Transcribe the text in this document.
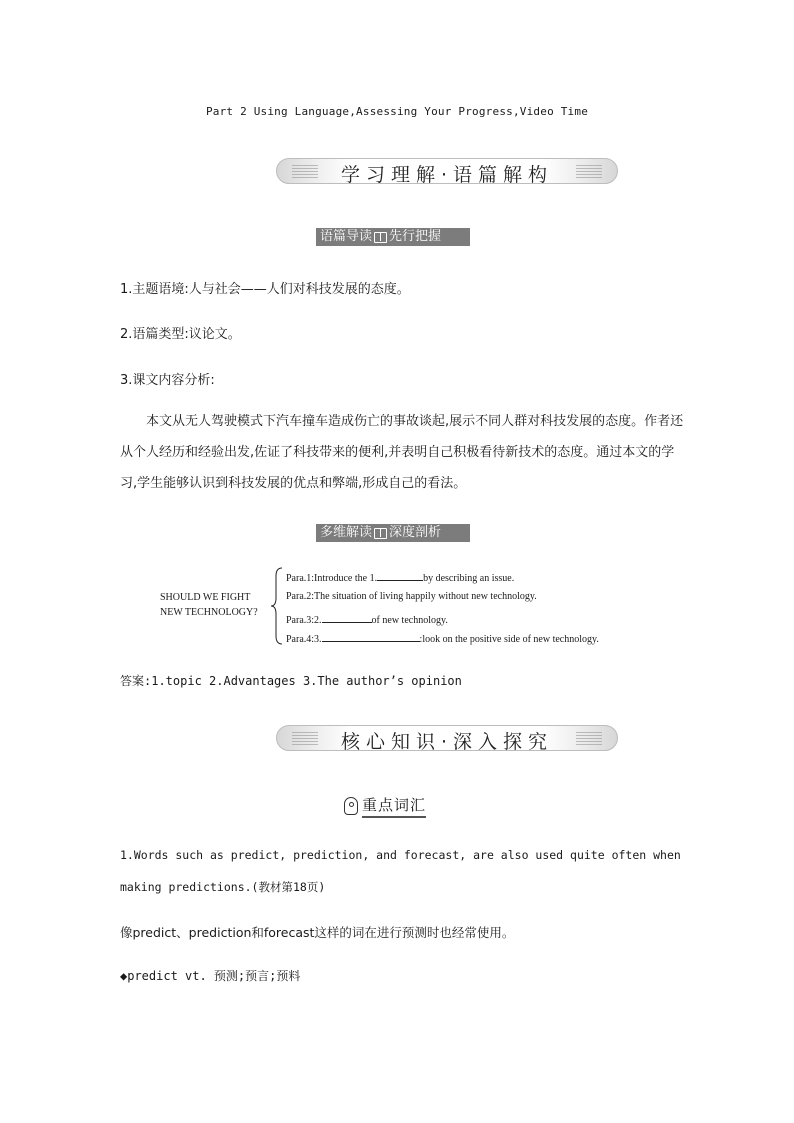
Part 2 Using Language,Assessing Your Progress,Video Time
学习理解·语篇解构
语篇导读 先行把握
1.主题语境:人与社会——人们对科技发展的态度。
2.语篇类型:议论文。
3.课文内容分析:
本文从无人驾驶模式下汽车撞车造成伤亡的事故谈起,展示不同人群对科技发展的态度。作者还从个人经历和经验出发,佐证了科技带来的便利,并表明自己积极看待新技术的态度。通过本文的学习,学生能够认识到科技发展的优点和弊端,形成自己的看法。
多维解读 深度剖析
SHOULD WE FIGHT
NEW TECHNOLOGY?
Para.1:Introduce the 1.	by describing an issue.
Para.2:The situation of living happily without new technology.
Para.3:2.	of new technology.
Para.4:3.	:look on the positive side of new technology.
答案:1.topic 2.Advantages 3.The author’s opinion
核心知识·深入探究
重点词汇
1.Words such as predict, prediction, and forecast, are also used quite often when
making predictions.(教材第18页)
像predict、prediction和forecast这样的词在进行预测时也经常使用。
◆predict vt. 预测;预言;预料
